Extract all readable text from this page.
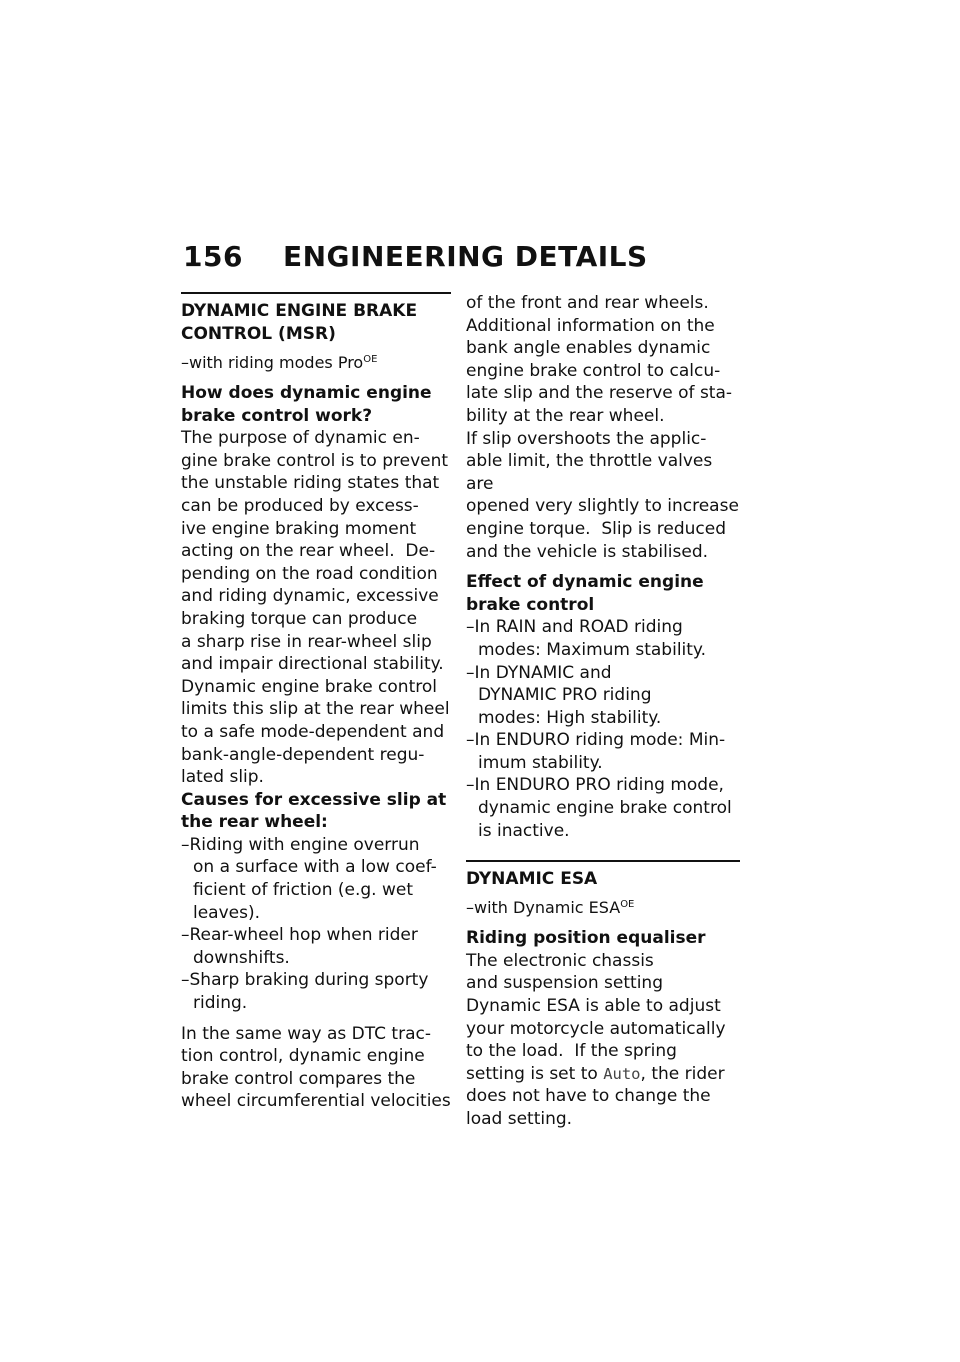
156 ENGINEERING DETAILS

DYNAMIC ENGINE BRAKE

CONTROL (MSR)

–with riding modes Pro$^{OE}$

How does dynamic engine

brake control work?

The purpose of dynamic en-

gine brake control is to prevent

the unstable riding states that

can be produced by excess-

ive engine braking moment

acting on the rear wheel.  De-

pending on the road condition

and riding dynamic, excessive

braking torque can produce

a sharp rise in rear-wheel slip

and impair directional stability.

Dynamic engine brake control

limits this slip at the rear wheel

to a safe mode-dependent and

bank-angle-dependent regu-

lated slip.

Causes for excessive slip at

the rear wheel:

–Riding with engine overrun

on a surface with a low coef-

ficient of friction (e.g. wet

leaves).

–Rear-wheel hop when rider

downshifts.

–Sharp braking during sporty

riding.

In the same way as DTC trac-

tion control, dynamic engine

brake control compares the

wheel circumferential velocities

of the front and rear wheels.

Additional information on the

bank angle enables dynamic

engine brake control to calcu-

late slip and the reserve of sta-

bility at the rear wheel.

If slip overshoots the applic-

able limit, the throttle valves are

opened very slightly to increase

engine torque.  Slip is reduced

and the vehicle is stabilised.

Effect of dynamic engine

brake control

–In RAIN and ROAD riding

modes: Maximum stability.

–In DYNAMIC and

DYNAMIC PRO riding

modes: High stability.

–In ENDURO riding mode: Min-

imum stability.

–In ENDURO PRO riding mode,

dynamic engine brake control

is inactive.

DYNAMIC ESA

–with Dynamic $ESA^{OE}$

Riding position equaliser

The electronic chassis

and suspension setting

Dynamic ESA is able to adjust

your motorcycle automatically

to the load.  If the spring

setting is set to Auto, the rider

does not have to change the

load setting.
